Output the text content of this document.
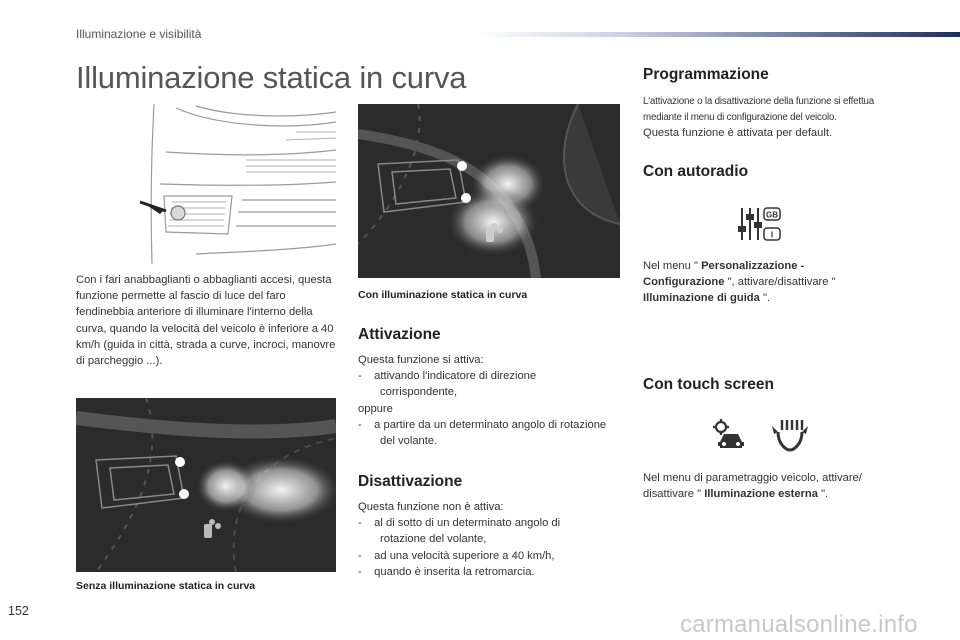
Illuminazione e visibilità
Illuminazione statica in curva
Con i fari anabbaglianti o abbaglianti accesi, questa funzione permette al fascio di luce del faro fendinebbia anteriore di illuminare l'interno della curva, quando la velocità del veicolo è inferiore a 40 km/h (guida in città, strada a curve, incroci, manovre di parcheggio ...).
Senza illuminazione statica in curva
Con illuminazione statica in curva
Attivazione
Questa funzione si attiva:
-    attivando l'indicatore di direzione corrispondente,
oppure
-    a partire da un determinato angolo di rotazione del volante.
Disattivazione
Questa funzione non è attiva:
-    al di sotto di un determinato angolo di rotazione del volante,
-    ad una velocità superiore a 40 km/h,
-    quando è inserita la retromarcia.
Programmazione
L'attivazione o la disattivazione della funzione si effettua mediante il menu di configurazione del veicolo.
Questa funzione è attivata per default.
Con autoradio
GB
I
Nel menu " Personalizzazione - Configurazione ", attivare/disattivare " Illuminazione di guida ".
Con touch screen
Nel menu di parametraggio veicolo, attivare/ disattivare " Illuminazione esterna ".
152	carmanualsonline.info
